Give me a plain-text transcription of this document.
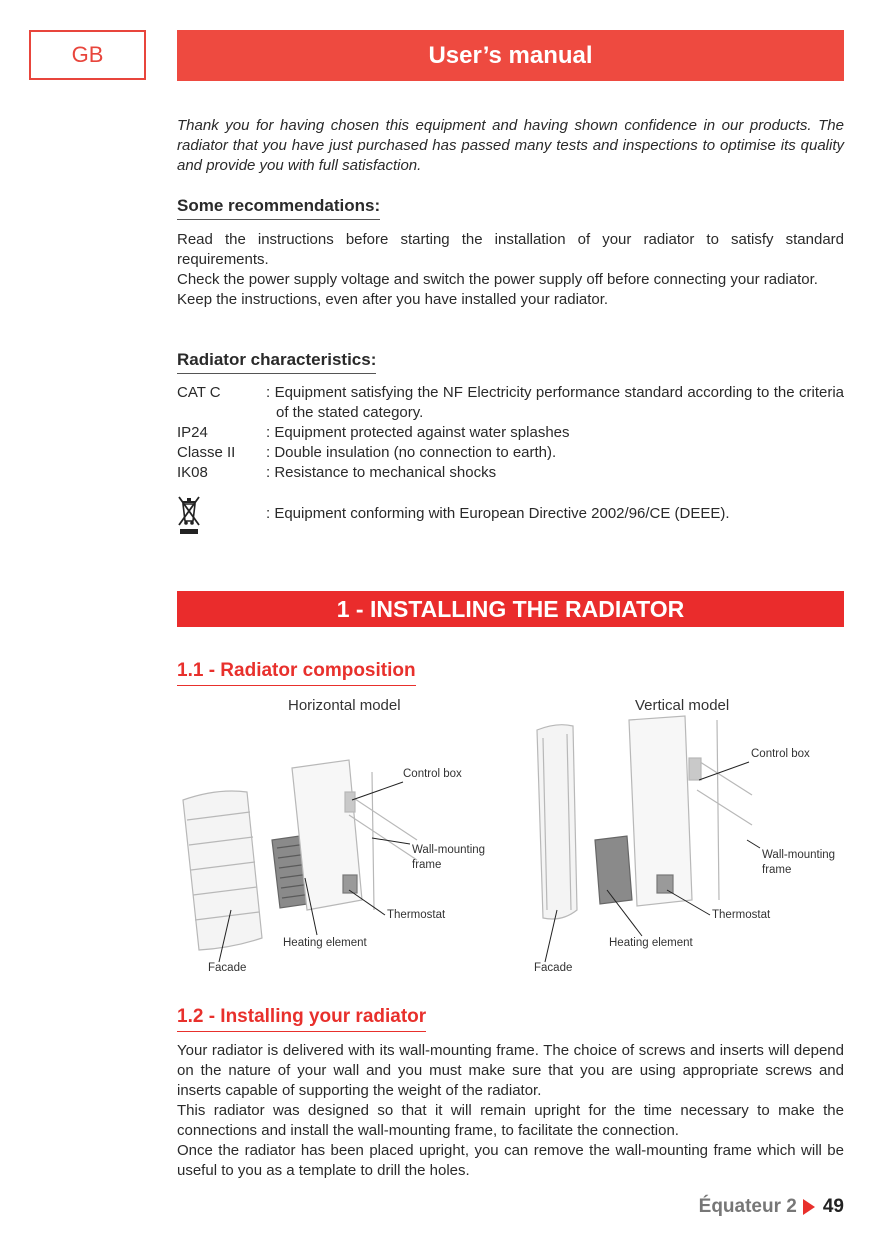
GB	User’s manual

Thank you for having chosen this equipment and having shown confidence in our products. The radiator that you have just purchased has passed many tests and inspections to optimise its quality and provide you with full satisfaction.

Some recommendations:

Read the instructions before starting the installation of your radiator to satisfy standard requirements.

Check the power supply voltage and switch the power supply off before connecting your radiator.

Keep the instructions, even after you have installed your radiator.

Radiator characteristics:
CAT C	: Equipment satisfying the NF Electricity performance standard according to the criteria of the stated category.
IP24	: Equipment protected against water splashes
Classe II	: Double insulation (no connection to earth).
IK08	: Resistance to mechanical shocks
: Equipment conforming with European Directive 2002/96/CE (DEEE).
1 - INSTALLING THE RADIATOR
1.1 - Radiator composition
Horizontal model	Vertical model
Control box
Wall-mounting frame
Thermostat
Heating element
Facade
Control box
Wall-mounting frame
Thermostat
Heating element
Facade
1.2 - Installing your radiator

Your radiator is delivered with its wall-mounting frame. The choice of screws and inserts will depend on the nature of your wall and you must make sure that you are using appropriate screws and inserts capable of supporting the weight of the radiator.

This radiator was designed so that it will remain upright for the time necessary to make the connections and install the wall-mounting frame, to facilitate the connection.

Once the radiator has been placed upright, you can remove the wall-mounting frame which will be useful to you as a template to drill the holes.

Équateur 2 49
